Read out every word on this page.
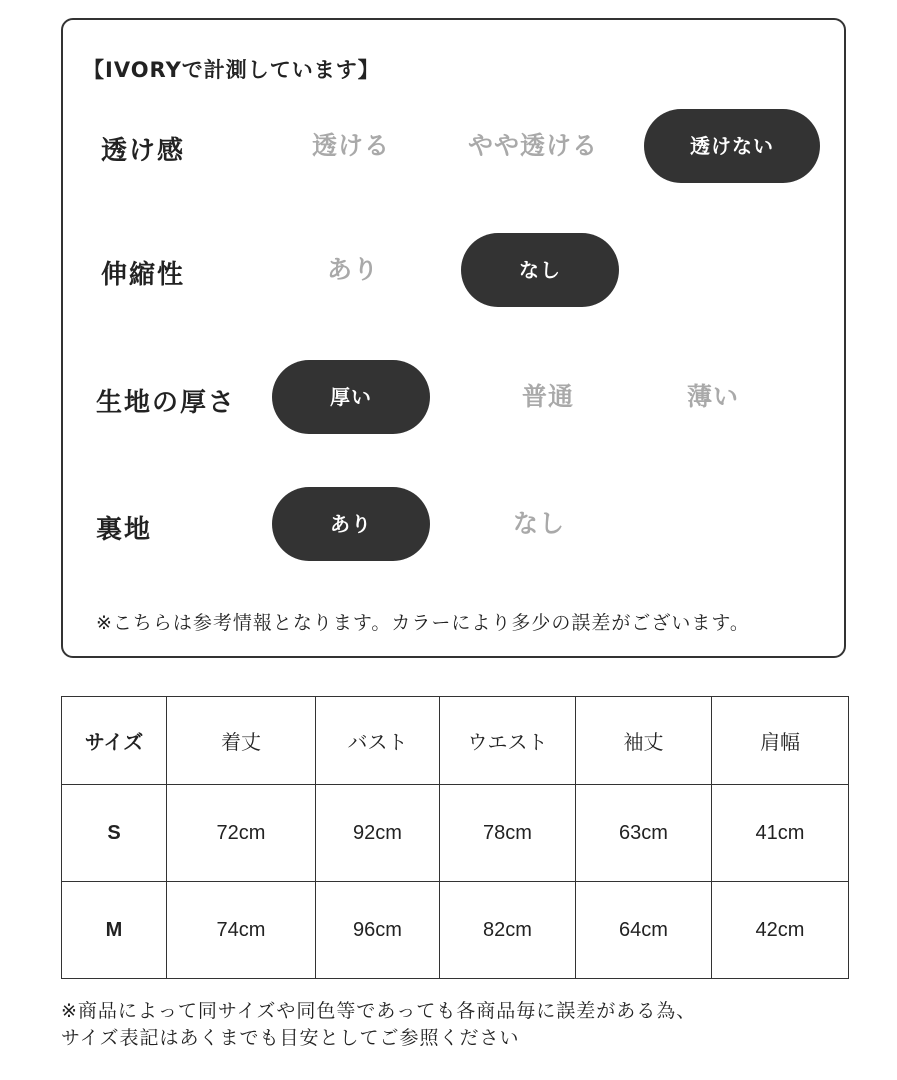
【IVORYで計測しています】
透け感	透ける	やや透ける	透けない
伸縮性	あり	なし
生地の厚さ	厚い	普通	薄い
裏地	あり	なし
※こちらは参考情報となります。カラーにより多少の誤差がございます。
サイズ	着丈	バスト	ウエスト	袖丈	肩幅
S	72cm	92cm	78cm	63cm	41cm
M	74cm	96cm	82cm	64cm	42cm
※商品によって同サイズや同色等であっても各商品毎に誤差がある為、
サイズ表記はあくまでも目安としてご参照ください
